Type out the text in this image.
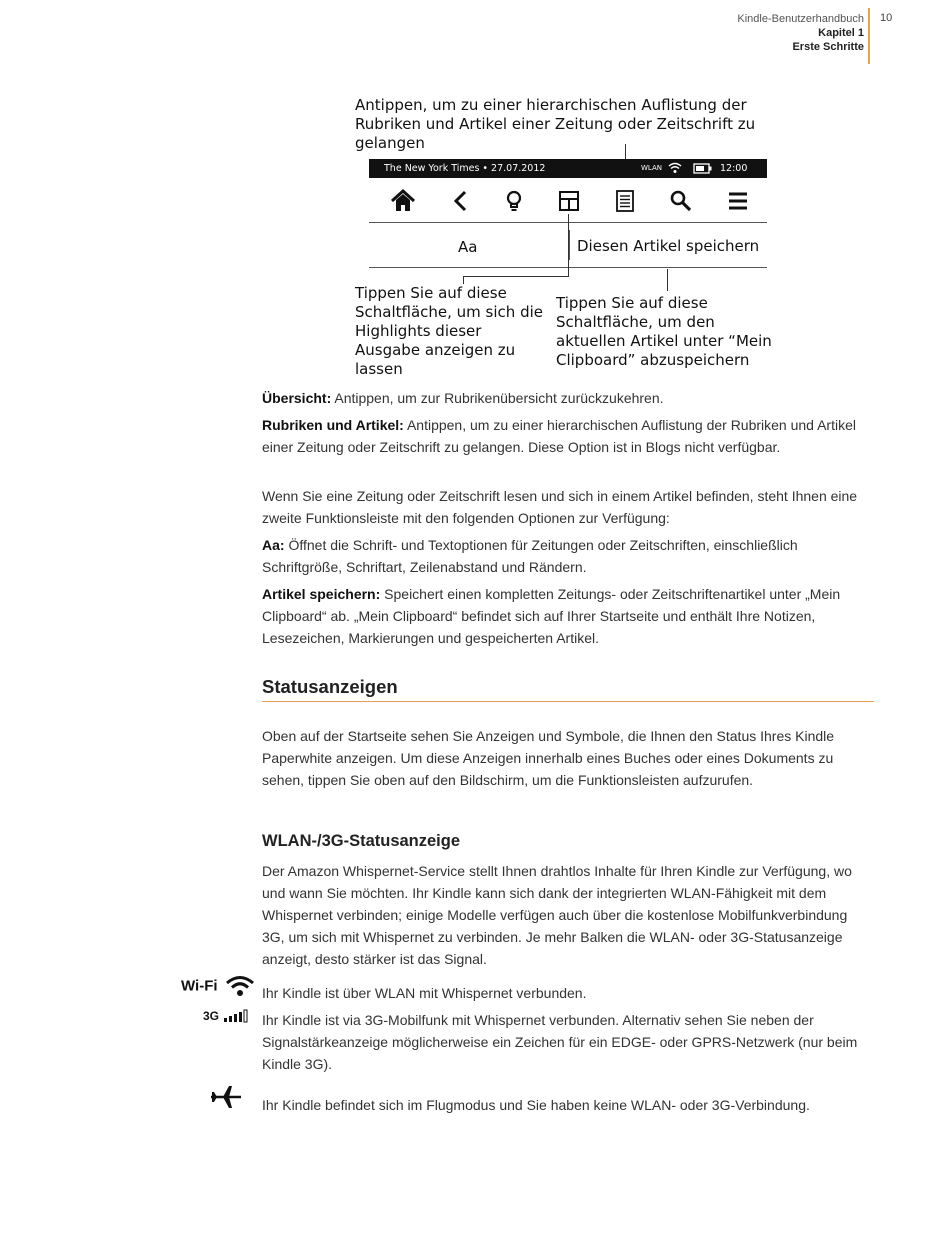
Kindle-Benutzerhandbuch
Kapitel 1
Erste Schritte
10
Antippen, um zu einer hierarchischen Auflistung der
Rubriken und Artikel einer Zeitung oder Zeitschrift zu
gelangen
The New York Times • 27.07.2012	WLAN	12:00
Aa	Diesen Artikel speichern
Tippen Sie auf diese
Schaltfläche, um sich die
Highlights dieser
Ausgabe anzeigen zu
lassen
Tippen Sie auf diese
Schaltfläche, um den
aktuellen Artikel unter “Mein
Clipboard” abzuspeichern

Übersicht: Antippen, um zur Rubrikenübersicht zurückzukehren.

Rubriken und Artikel: Antippen, um zu einer hierarchischen Auflistung der Rubriken und Artikel einer Zeitung oder Zeitschrift zu gelangen. Diese Option ist in Blogs nicht verfügbar.

Wenn Sie eine Zeitung oder Zeitschrift lesen und sich in einem Artikel befinden, steht Ihnen eine zweite Funktionsleiste mit den folgenden Optionen zur Verfügung:

Aa: Öffnet die Schrift- und Textoptionen für Zeitungen oder Zeitschriften, einschließlich Schriftgröße, Schriftart, Zeilenabstand und Rändern.

Artikel speichern: Speichert einen kompletten Zeitungs- oder Zeitschriftenartikel unter „Mein Clipboard“ ab. „Mein Clipboard“ befindet sich auf Ihrer Startseite und enthält Ihre Notizen, Lesezeichen, Markierungen und gespeicherten Artikel.

Statusanzeigen

Oben auf der Startseite sehen Sie Anzeigen und Symbole, die Ihnen den Status Ihres Kindle Paperwhite anzeigen. Um diese Anzeigen innerhalb eines Buches oder eines Dokuments zu sehen, tippen Sie oben auf den Bildschirm, um die Funktionsleisten aufzurufen.

WLAN-/3G-Statusanzeige

Der Amazon Whispernet-Service stellt Ihnen drahtlos Inhalte für Ihren Kindle zur Verfügung, wo und wann Sie möchten. Ihr Kindle kann sich dank der integrierten WLAN-Fähigkeit mit dem Whispernet verbinden; einige Modelle verfügen auch über die kostenlose Mobilfunkverbindung 3G, um sich mit Whispernet zu verbinden. Je mehr Balken die WLAN- oder 3G-Statusanzeige anzeigt, desto stärker ist das Signal.

Wi-Fi	Ihr Kindle ist über WLAN mit Whispernet verbunden.

3G	Ihr Kindle ist via 3G-Mobilfunk mit Whispernet verbunden. Alternativ sehen Sie neben der Signalstärkeanzeige möglicherweise ein Zeichen für ein EDGE- oder GPRS-Netzwerk (nur beim Kindle 3G).

Ihr Kindle befindet sich im Flugmodus und Sie haben keine WLAN- oder 3G-Verbindung.
